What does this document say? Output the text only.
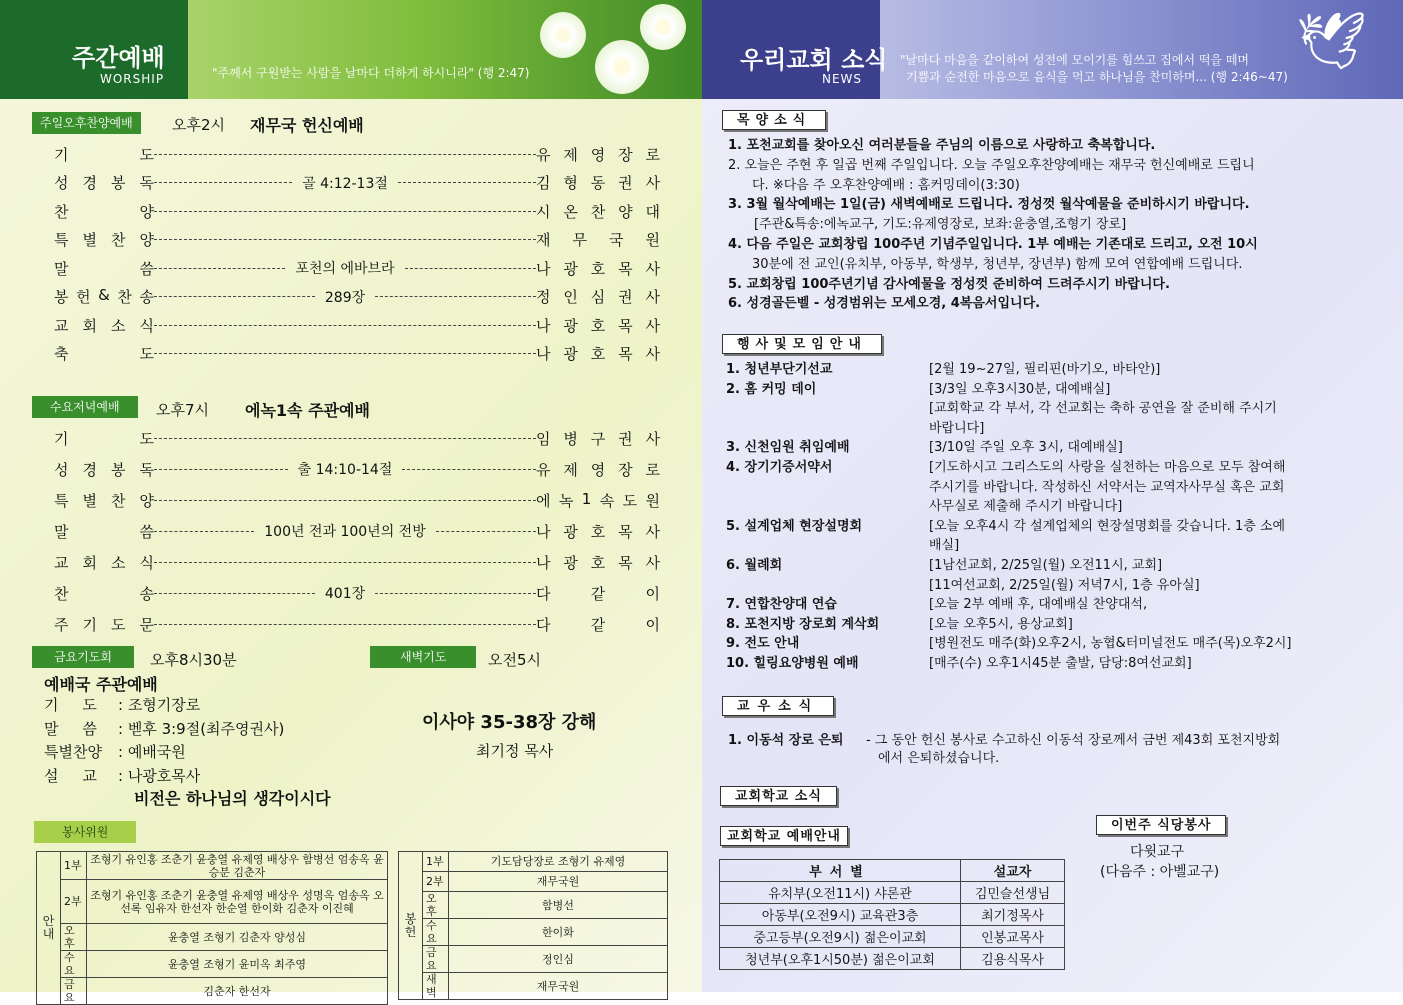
주간예배
WORSHIP	"주께서 구원받는 사람을 날마다 더하게 하시니라" (행 2:47)	우리교회 소식
NEWS
"날마다 마음을 같이하여 성전에 모이기를 힘쓰고 집에서 떡을 떼며
기쁨과 순전한 마음으로 음식을 먹고 하나님을 찬미하며... (행 2:46~47)
🕊
주일오후찬양예배	오후2시 재무국 헌신예배
기	도	유 제 영 장 로
성 경 봉 독	골 4:12-13절	김 형 동 권 사
찬	양	시 온 찬 양 대
특 별 찬 양	재 무 국 원
말	씀	포천의 에바브라	나 광 호 목 사
봉 헌 & 찬 송	289장	정 인 심 권 사
교 회 소 식	나 광 호 목 사
축	도	나 광 호 목 사
수요저녁예배	오후7시 에녹1속 주관예배
기	도	임 병 구 권 사
성 경 봉 독	출 14:10-14절	유 제 영 장 로
특 별 찬 양	에 녹 1 속 도 원
말	씀	100년 전과 100년의 전방	나 광 호 목 사
교 회 소 식	나 광 호 목 사
찬	송	401장	다	같	이
주 기 도 문	다	같	이
금요기도회	오후8시30분	새벽기도	오전5시
예배국 주관예배
기     도 : 조형기장로
말     씀 : 벧후 3:9절(최주영권사)
특별찬양 : 예배국원
설     교 : 나광호목사
비전은 하나님의 생각이시다
이사야 35-38장 강해
최기정 목사
봉사위원
안내	1부	조형기 유인홍 조춘기 윤충열 유제영 배상우 함병선 엄송옥 윤승분 김춘자
	2부	조형기 유인홍 조춘기 윤충열 유제영 배상우 성명옥 엄송옥 오선록 임유자 한선자 한순열 한이화 김춘자 이진혜
	오후	윤충열 조형기 김춘자 양성심
	수요	윤충열 조형기 윤미옥 최주영
	금요	김춘자 한선자
봉헌	1부	기도담당장로 조형기 유제영
	2부	재무국원
	오후	함병선
	수요	한이화
	금요	정인심
	새벽	재무국원
목양소식
1. 포천교회를 찾아오신 여러분들을 주님의 이름으로 사랑하고 축복합니다.
2. 오늘은 주현 후 일곱 번째 주일입니다. 오늘 주일오후찬양예배는 재무국 헌신예배로 드립니
다. ※다음 주 오후찬양예배 : 홈커밍데이(3:30)
3. 3월 월삭예배는 1일(금) 새벽예배로 드립니다. 정성껏 월삭예물을 준비하시기 바랍니다.
[주관&특송:에녹교구, 기도:유제영장로, 보좌:윤충열,조형기 장로]
4. 다음 주일은 교회창립 100주년 기념주일입니다. 1부 예배는 기존대로 드리고, 오전 10시
30분에 전 교인(유치부, 아동부, 학생부, 청년부, 장년부) 함께 모여 연합예배 드립니다.
5. 교회창립 100주년기념 감사예물을 정성껏 준비하여 드려주시기 바랍니다.
6. 성경골든벨 - 성경범위는 모세오경, 4복음서입니다.
행사및모임안내
1. 청년부단기선교	[2월 19~27일, 필리핀(바기오, 바타안)]
2. 홈 커밍 데이	[3/3일 오후3시30분, 대예배실]
[교회학교 각 부서, 각 선교회는 축하 공연을 잘 준비해 주시기
바랍니다]
3. 신천임원 취임예배	[3/10일 주일 오후 3시, 대예배실]
4. 장기기증서약서	[기도하시고 그리스도의 사랑을 실천하는 마음으로 모두 참여해
주시기를 바랍니다. 작성하신 서약서는 교역자사무실 혹은 교회
사무실로 제출해 주시기 바랍니다]
5. 설계업체 현장설명회	[오늘 오후4시 각 설계업체의 현장설명회를 갖습니다. 1층 소예
배실]
6. 월례회	[1남선교회, 2/25일(월) 오전11시, 교회]
[11여선교회, 2/25일(월) 저녁7시, 1층 유아실]
7. 연합찬양대 연습	[오늘 2부 예배 후, 대예배실 찬양대석,
8. 포천지방 장로회 계삭회	[오늘 오후5시, 용상교회]
9. 전도 안내	[병원전도 매주(화)오후2시, 농협&터미널전도 매주(목)오후2시]
10. 힐링요양병원 예배	[매주(수) 오후1시45분 출발, 담당:8여선교회]
교우소식
1. 이동석 장로 은퇴 - 그 동안 헌신 봉사로 수고하신 이동석 장로께서 금번 제43회 포천지방회
에서 은퇴하셨습니다.
교회학교 소식
교회학교 예배안내
부서별	설교자
유치부(오전11시) 샤론관	김민슬선생님
아동부(오전9시) 교육관3층	최기정목사
중고등부(오전9시) 젊은이교회	인봉교목사
청년부(오후1시50분) 젊은이교회	김용식목사
이번주 식당봉사
다윗교구
(다음주 : 아벨교구)
